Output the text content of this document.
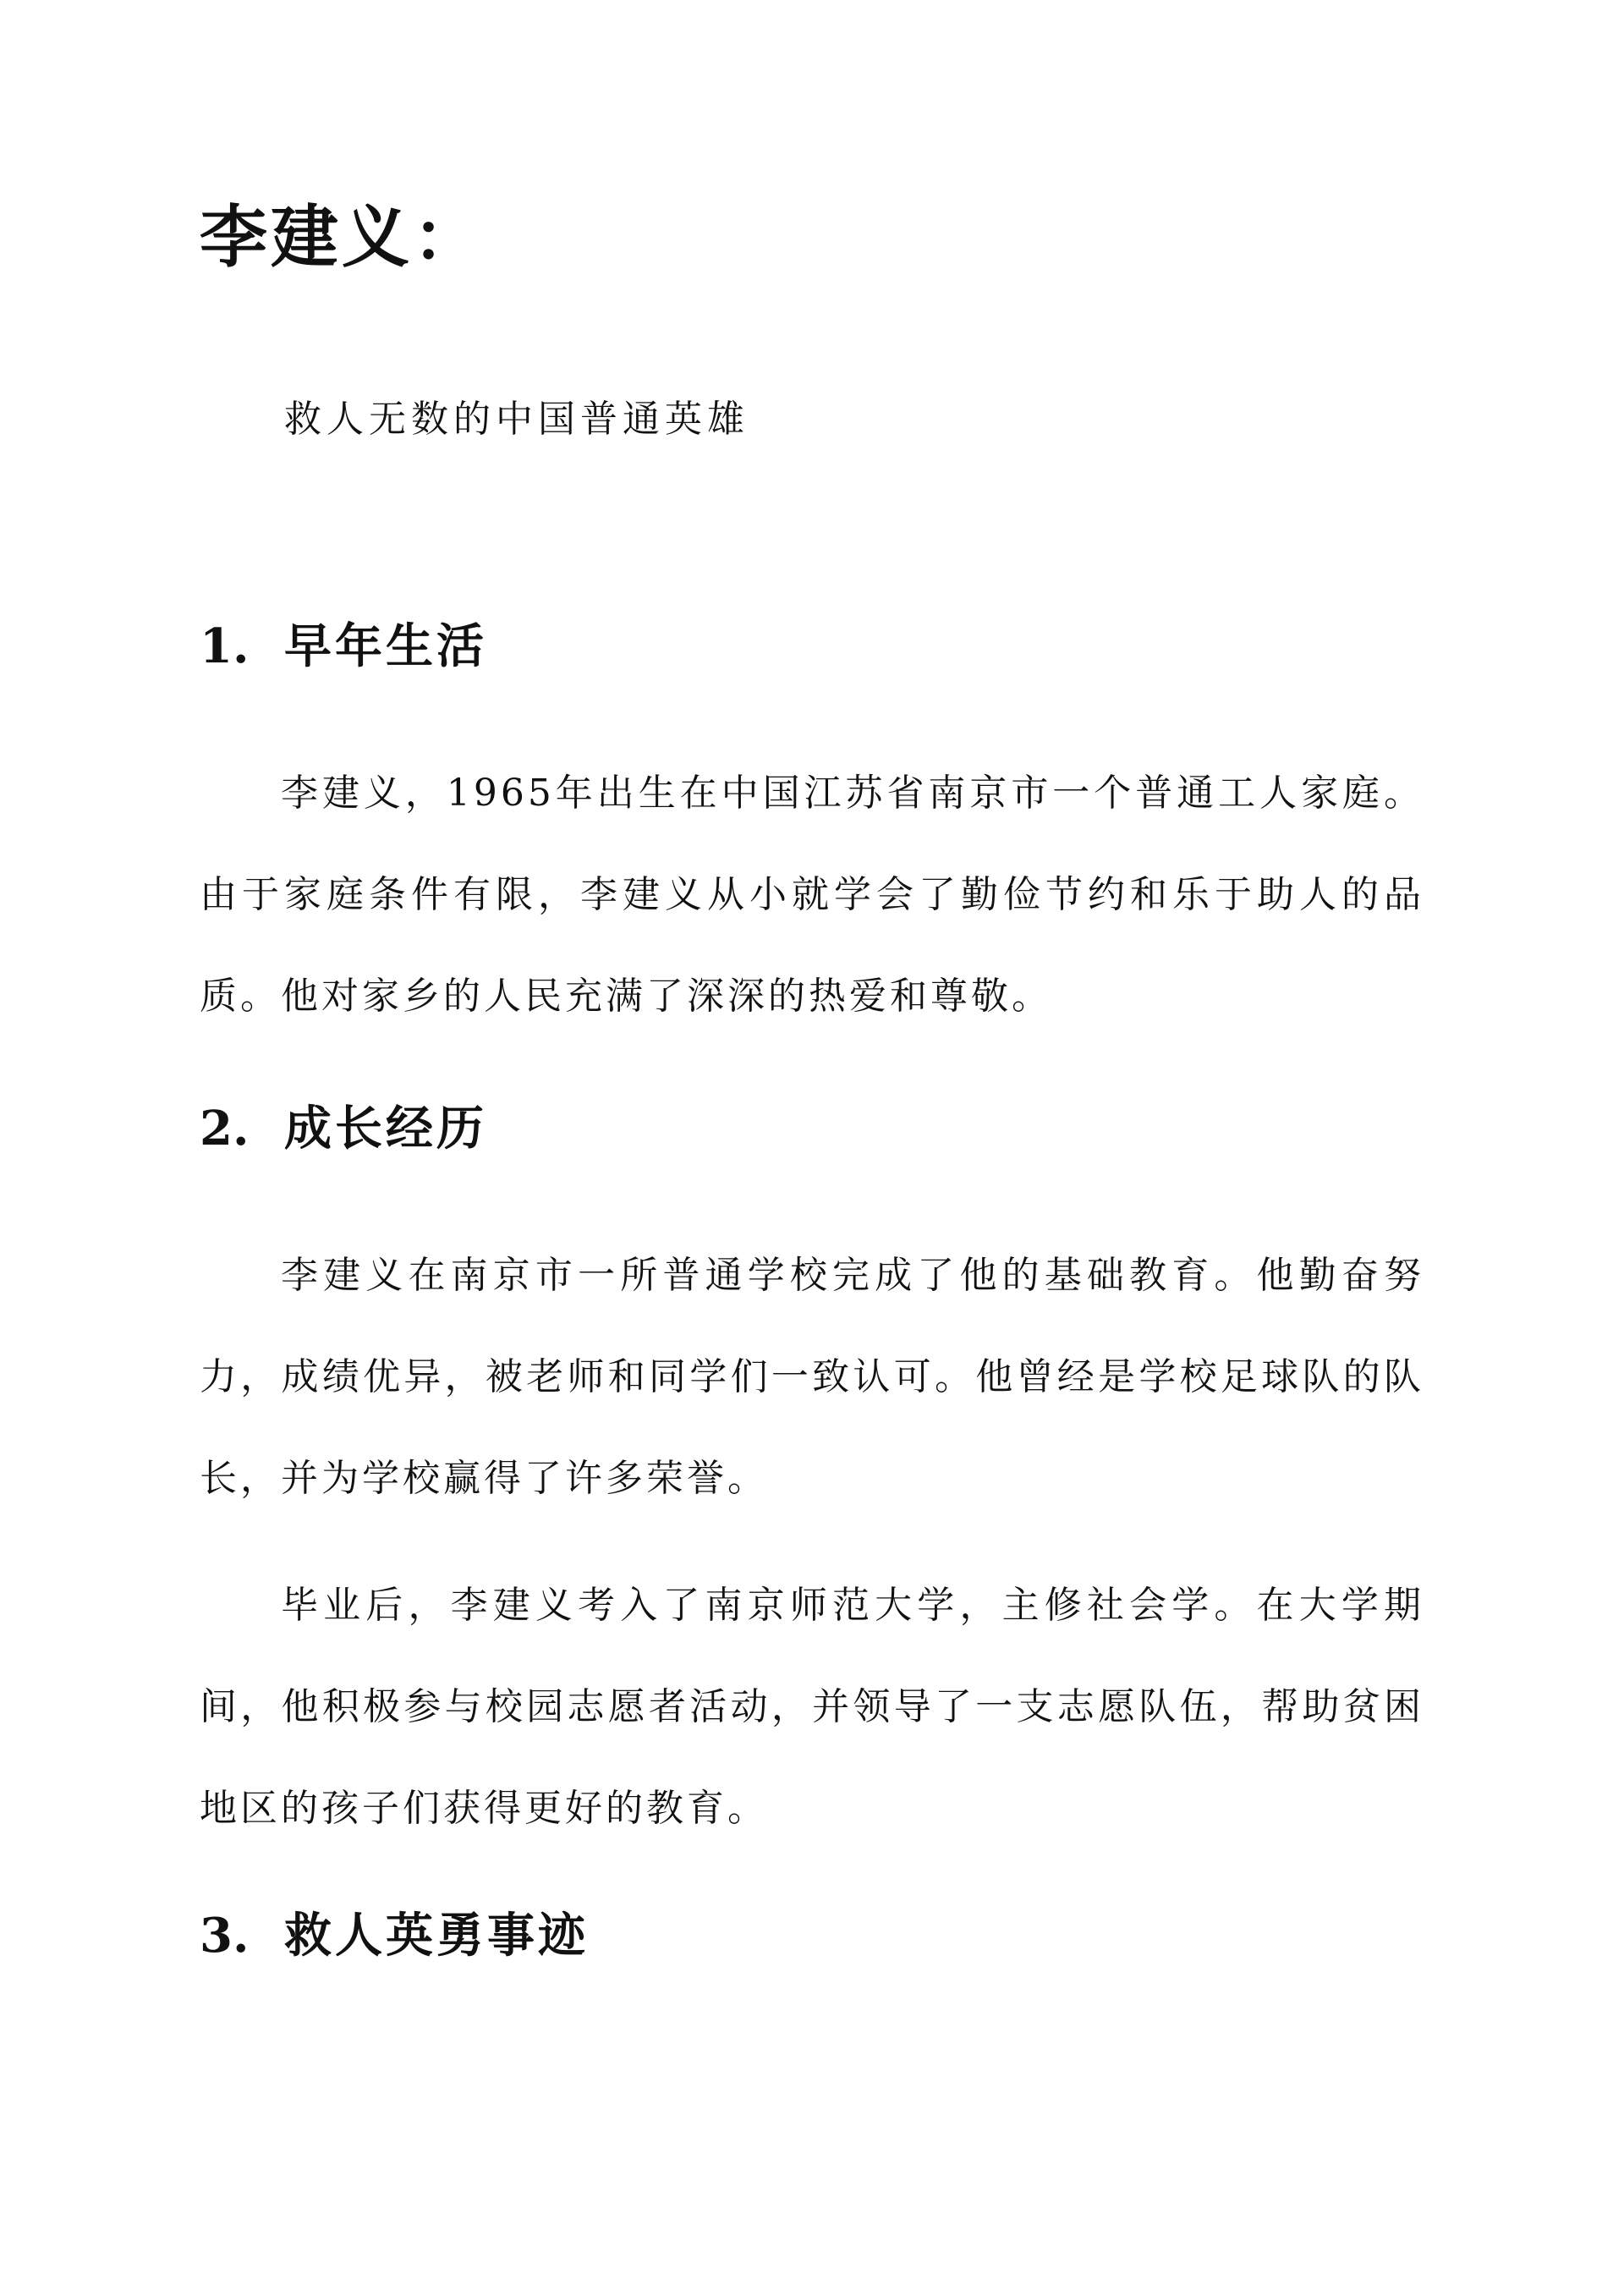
李建义：

救人无数的中国普通英雄

1. 早年生活

李建义，1965年出生在中国江苏省南京市一个普通工人家庭。由于家庭条件有限，李建义从小就学会了勤俭节约和乐于助人的品质。他对家乡的人民充满了深深的热爱和尊敬。

2. 成长经历

李建义在南京市一所普通学校完成了他的基础教育。他勤奋努力，成绩优异，被老师和同学们一致认可。他曾经是学校足球队的队长，并为学校赢得了许多荣誉。

毕业后，李建义考入了南京师范大学，主修社会学。在大学期间，他积极参与校园志愿者活动，并领导了一支志愿队伍，帮助贫困地区的孩子们获得更好的教育。

3. 救人英勇事迹
